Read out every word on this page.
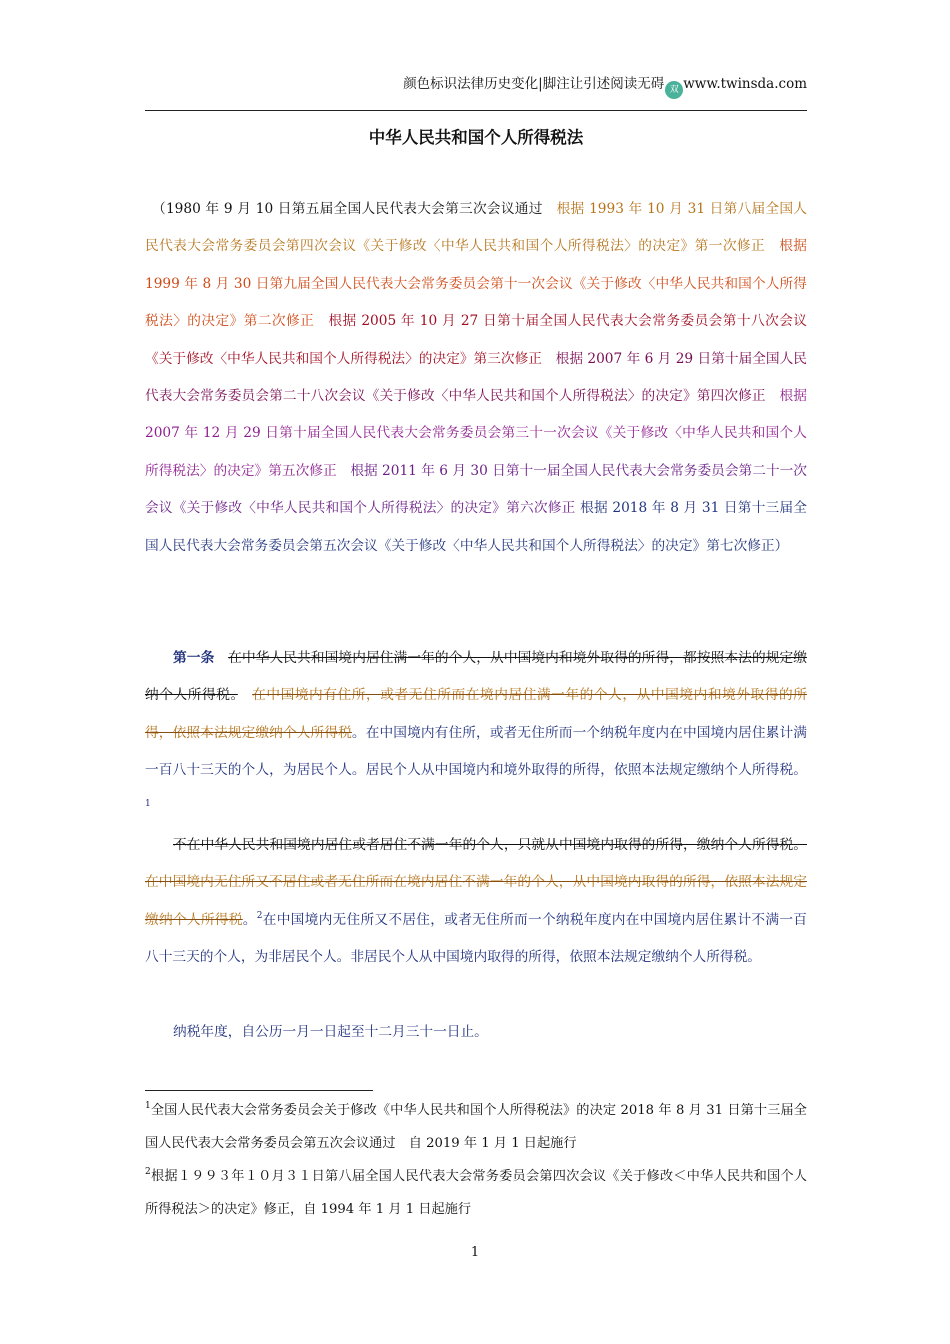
颜色标识法律历史变化|脚注让引述阅读无碍 双 www.twinsda.com
中华人民共和国个人所得税法
（1980 年 9 月 10 日第五届全国人民代表大会第三次会议通过　根据 1993 年 10 月 31 日第八届全国人民代表大会常务委员会第四次会议《关于修改〈中华人民共和国个人所得税法〉的决定》第一次修正　根据 1999 年 8 月 30 日第九届全国人民代表大会常务委员会第十一次会议《关于修改〈中华人民共和国个人所得税法〉的决定》第二次修正　根据 2005 年 10 月 27 日第十届全国人民代表大会常务委员会第十八次会议《关于修改〈中华人民共和国个人所得税法〉的决定》第三次修正　根据 2007 年 6 月 29 日第十届全国人民代表大会常务委员会第二十八次会议《关于修改〈中华人民共和国个人所得税法〉的决定》第四次修正　根据 2007 年 12 月 29 日第十届全国人民代表大会常务委员会第三十一次会议《关于修改〈中华人民共和国个人所得税法〉的决定》第五次修正　根据 2011 年 6 月 30 日第十一届全国人民代表大会常务委员会第二十一次会议《关于修改〈中华人民共和国个人所得税法〉的决定》第六次修正 根据 2018 年 8 月 31 日第十三届全国人民代表大会常务委员会第五次会议《关于修改〈中华人民共和国个人所得税法〉的决定》第七次修正）
第一条　 在中华人民共和国境内居住满一年的个人，从中国境内和境外取得的所得，都按照本法的规定缴纳个人所得税。　 在中国境内有住所，或者无住所而在境内居住满一年的个人，从中国境内和境外取得的所得，依照本法规定缴纳个人所得税。在中国境内有住所，或者无住所而一个纳税年度内在中国境内居住累计满一百八十三天的个人，为居民个人。居民个人从中国境内和境外取得的所得，依照本法规定缴纳个人所得税。$^1$
不在中华人民共和国境内居住或者居住不满一年的个人，只就从中国境内取得的所得，缴纳个人所得税。在中国境内无住所又不居住或者无住所而在境内居住不满一年的个人，从中国境内取得的所得，依照本法规定缴纳个人所得税。$^2$在中国境内无住所又不居住，或者无住所而一个纳税年度内在中国境内居住累计不满一百八十三天的个人，为非居民个人。非居民个人从中国境内取得的所得，依照本法规定缴纳个人所得税。
纳税年度，自公历一月一日起至十二月三十一日止。
$^1$全国人民代表大会常务委员会关于修改《中华人民共和国个人所得税法》的决定 2018 年 8 月 31 日第十三届全国人民代表大会常务委员会第五次会议通过　自 2019 年 1 月 1 日起施行
$^2$根据１９９３年１０月３１日第八届全国人民代表大会常务委员会第四次会议《关于修改＜中华人民共和国个人所得税法＞的决定》修正，自 1994 年 1 月 1 日起施行
1
